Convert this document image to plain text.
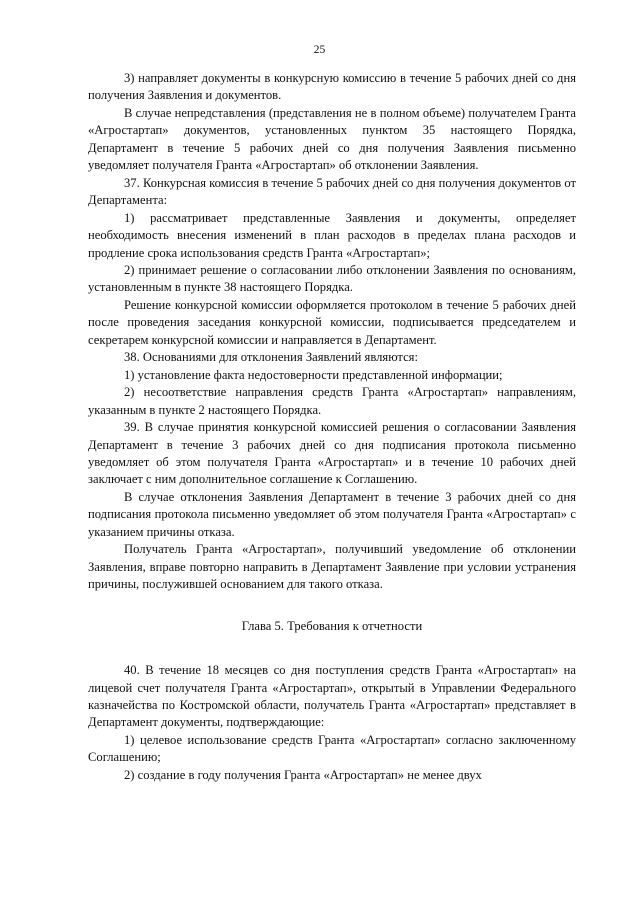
25

3) направляет документы в конкурсную комиссию в течение 5 рабочих дней со дня получения Заявления и документов.

В случае непредставления (представления не в полном объеме) получателем Гранта «Агростартап» документов, установленных пунктом 35 настоящего Порядка, Департамент в течение 5 рабочих дней со дня получения Заявления письменно уведомляет получателя Гранта «Агростартап» об отклонении Заявления.

37. Конкурсная комиссия в течение 5 рабочих дней со дня получения документов от Департамента:

1) рассматривает представленные Заявления и документы, определяет необходимость внесения изменений в план расходов в пределах плана расходов и продление срока использования средств Гранта «Агростартап»;

2) принимает решение о согласовании либо отклонении Заявления по основаниям, установленным в пункте 38 настоящего Порядка.

Решение конкурсной комиссии оформляется протоколом в течение 5 рабочих дней после проведения заседания конкурсной комиссии, подписывается председателем и секретарем конкурсной комиссии и направляется в Департамент.

38. Основаниями для отклонения Заявлений являются:

1) установление факта недостоверности представленной информации;

2) несоответствие направления средств Гранта «Агростартап» направлениям, указанным в пункте 2 настоящего Порядка.

39. В случае принятия конкурсной комиссией решения о согласовании Заявления Департамент в течение 3 рабочих дней со дня подписания протокола письменно уведомляет об этом получателя Гранта «Агростартап» и в течение 10 рабочих дней заключает с ним дополнительное соглашение к Соглашению.

В случае отклонения Заявления Департамент в течение 3 рабочих дней со дня подписания протокола письменно уведомляет об этом получателя Гранта «Агростартап» с указанием причины отказа.

Получатель Гранта «Агростартап», получивший уведомление об отклонении Заявления, вправе повторно направить в Департамент Заявление при условии устранения причины, послужившей основанием для такого отказа.

Глава 5. Требования к отчетности

40. В течение 18 месяцев со дня поступления средств Гранта «Агростартап» на лицевой счет получателя Гранта «Агростартап», открытый в Управлении Федерального казначейства по Костромской области, получатель Гранта «Агростартап» представляет в Департамент документы, подтверждающие:

1) целевое использование средств Гранта «Агростартап» согласно заключенному Соглашению;

2) создание в году получения Гранта «Агростартап» не менее двух
